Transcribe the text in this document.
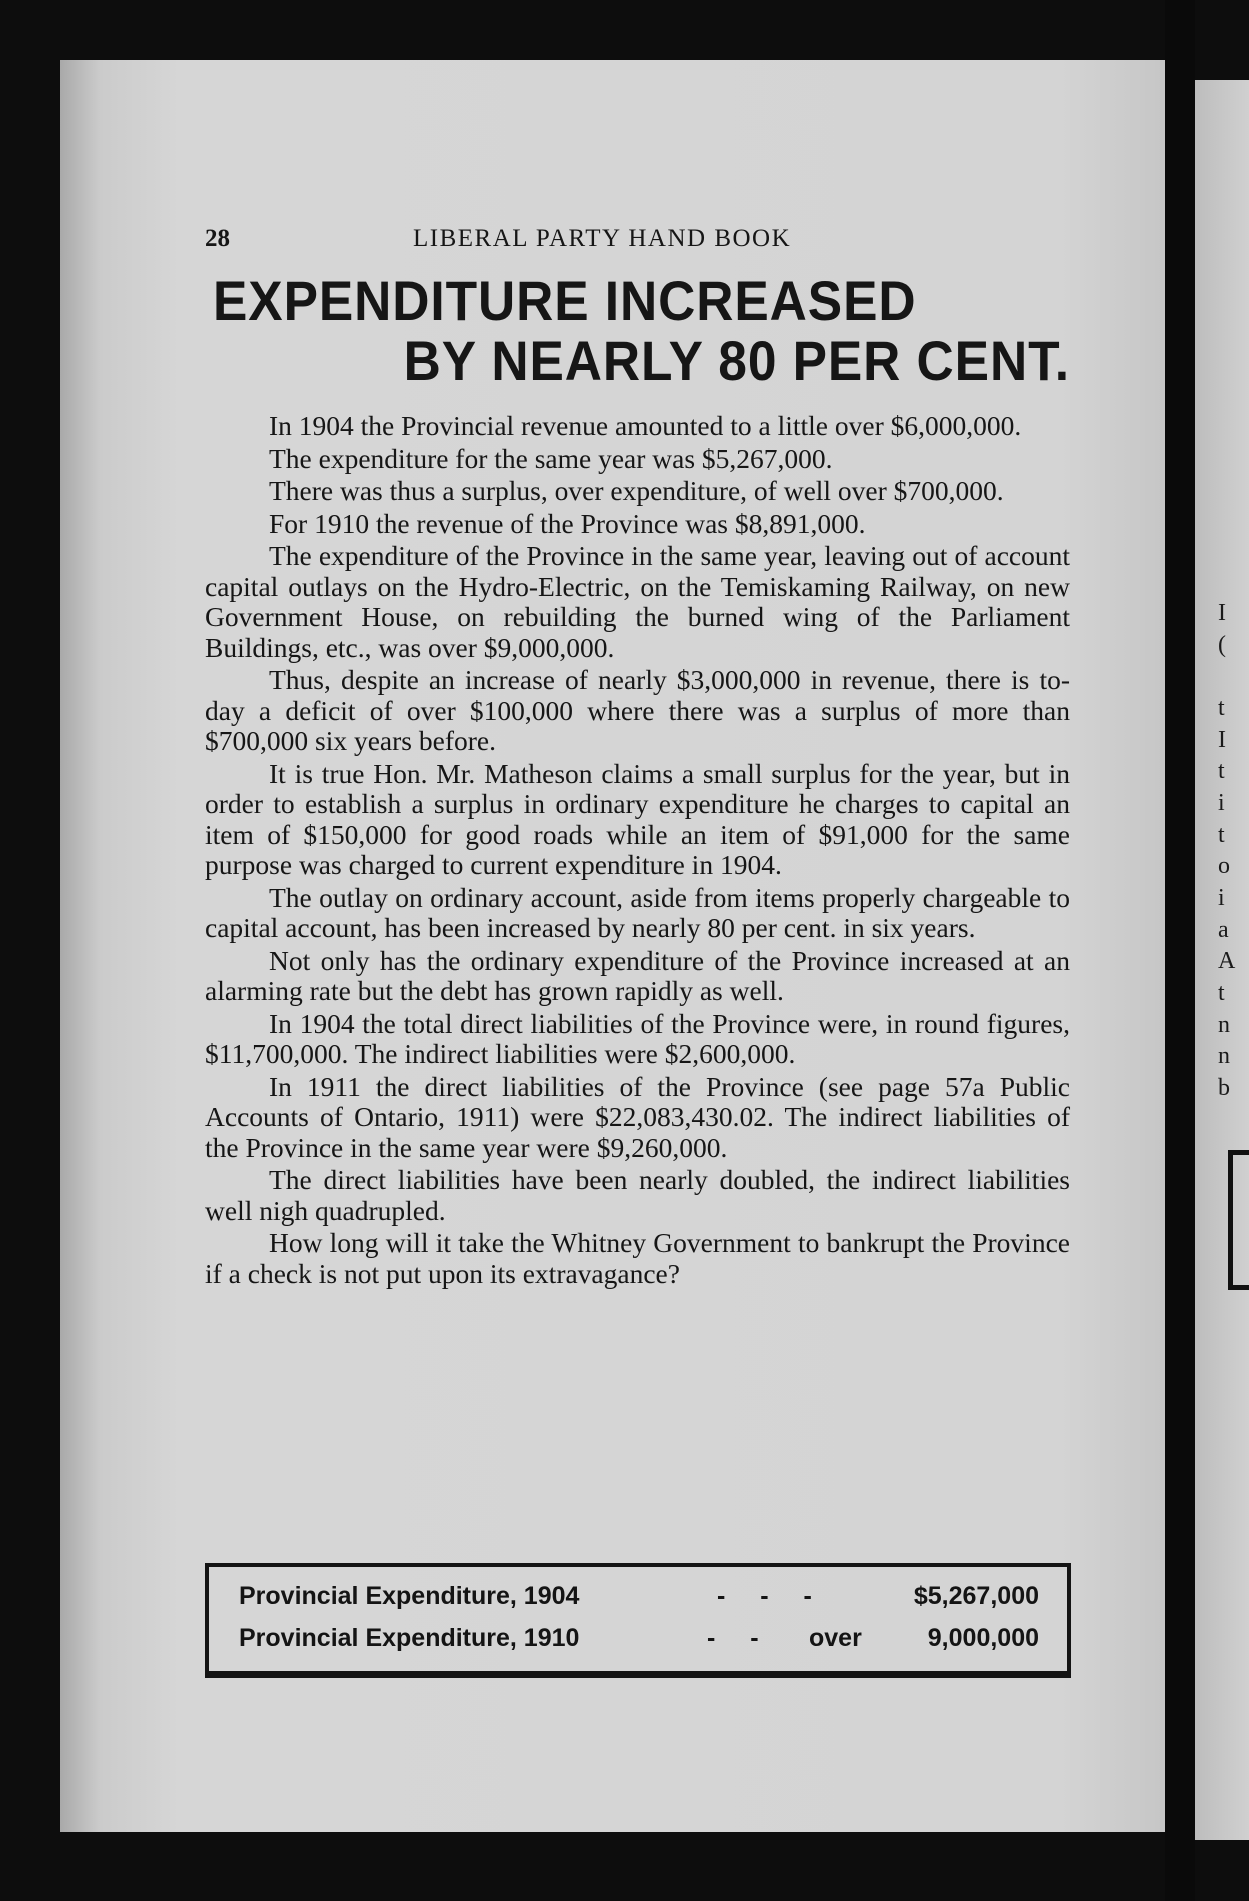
I
(
t
I
t
i
t
o
i
a
A
t
n
n
b
28	LIBERAL PARTY HAND BOOK
EXPENDITURE INCREASED
BY NEARLY 80 PER CENT.

In 1904 the Provincial revenue amounted to a little over $6,000,000.

The expenditure for the same year was $5,267,000.

There was thus a surplus, over expenditure, of well over $700,000.

For 1910 the revenue of the Province was $8,891,000.

The expenditure of the Province in the same year, leaving out of account capital outlays on the Hydro-Electric, on the Temiskaming Railway, on new Government House, on rebuilding the burned wing of the Parliament Buildings, etc., was over $9,000,000.

Thus, despite an increase of nearly $3,000,000 in revenue, there is to-day a deficit of over $100,000 where there was a surplus of more than $700,000 six years before.

It is true Hon. Mr. Matheson claims a small surplus for the year, but in order to establish a surplus in ordinary expenditure he charges to capital an item of $150,000 for good roads while an item of $91,000 for the same purpose was charged to current expenditure in 1904.

The outlay on ordinary account, aside from items properly chargeable to capital account, has been increased by nearly 80 per cent. in six years.

Not only has the ordinary expenditure of the Province increased at an alarming rate but the debt has grown rapidly as well.

In 1904 the total direct liabilities of the Province were, in round figures, $11,700,000. The indirect liabilities were $2,600,000.

In 1911 the direct liabilities of the Province (see page 57a Public Accounts of Ontario, 1911) were $22,083,430.02. The indirect liabilities of the Province in the same year were $9,260,000.

The direct liabilities have been nearly doubled, the indirect liabilities well nigh quadrupled.

How long will it take the Whitney Government to bankrupt the Province if a check is not put upon its extravagance?

Provincial Expenditure, 1904	- - -	$5,267,000
Provincial Expenditure, 1910	- - over	9,000,000
